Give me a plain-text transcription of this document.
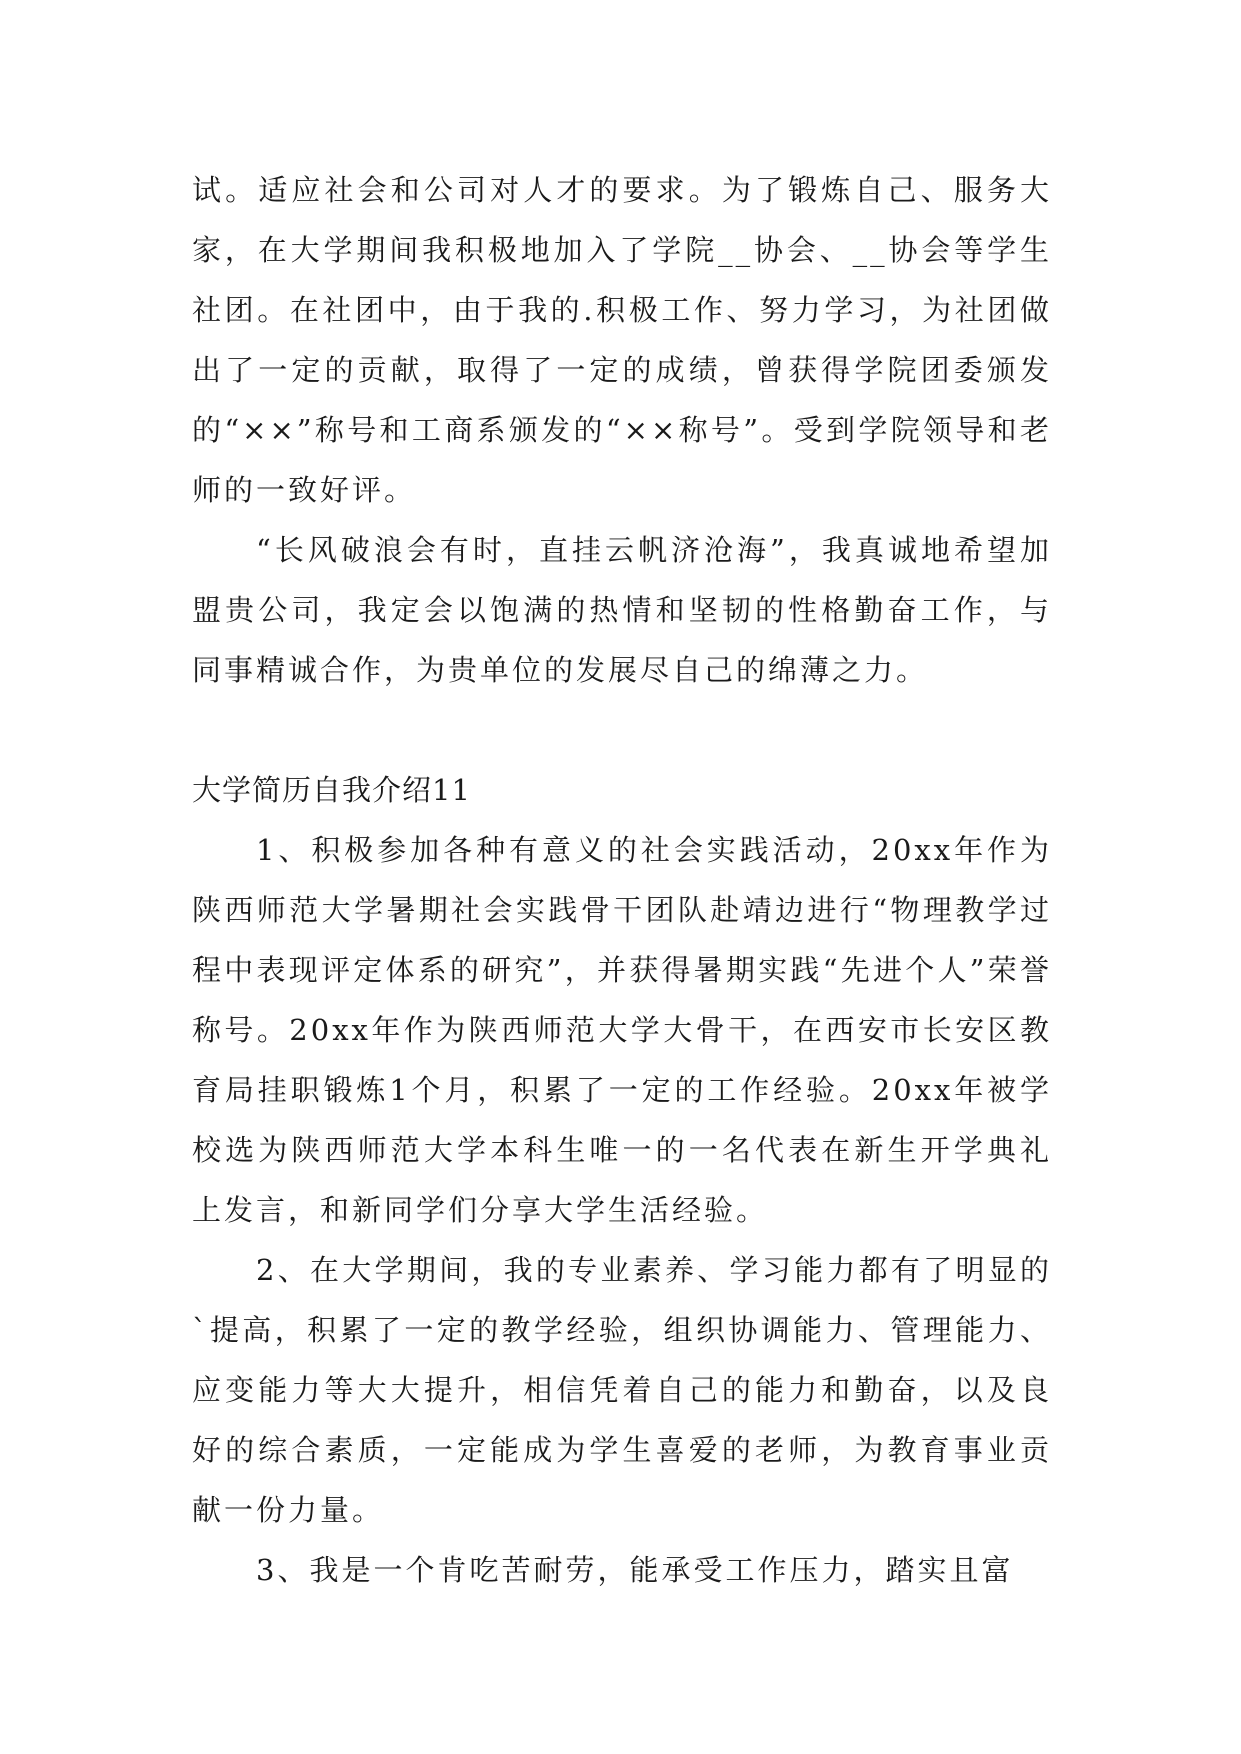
试。适应社会和公司对人才的要求。为了锻炼自己、服务大家，在大学期间我积极地加入了学院__协会、__协会等学生社团。在社团中，由于我的.积极工作、努力学习，为社团做出了一定的贡献，取得了一定的成绩，曾获得学院团委颁发的“××”称号和工商系颁发的“××称号”。受到学院领导和老师的一致好评。

“长风破浪会有时，直挂云帆济沧海”，我真诚地希望加盟贵公司，我定会以饱满的热情和坚韧的性格勤奋工作，与同事精诚合作，为贵单位的发展尽自己的绵薄之力。

大学简历自我介绍11

1、积极参加各种有意义的社会实践活动，20xx年作为陕西师范大学暑期社会实践骨干团队赴靖边进行“物理教学过程中表现评定体系的研究”，并获得暑期实践“先进个人”荣誉称号。20xx年作为陕西师范大学大骨干，在西安市长安区教育局挂职锻炼1个月，积累了一定的工作经验。20xx年被学校选为陕西师范大学本科生唯一的一名代表在新生开学典礼上发言，和新同学们分享大学生活经验。

2、在大学期间，我的专业素养、学习能力都有了明显的`提高，积累了一定的教学经验，组织协调能力、管理能力、应变能力等大大提升，相信凭着自己的能力和勤奋，以及良好的综合素质，一定能成为学生喜爱的老师，为教育事业贡献一份力量。

3、我是一个肯吃苦耐劳，能承受工作压力，踏实且富
